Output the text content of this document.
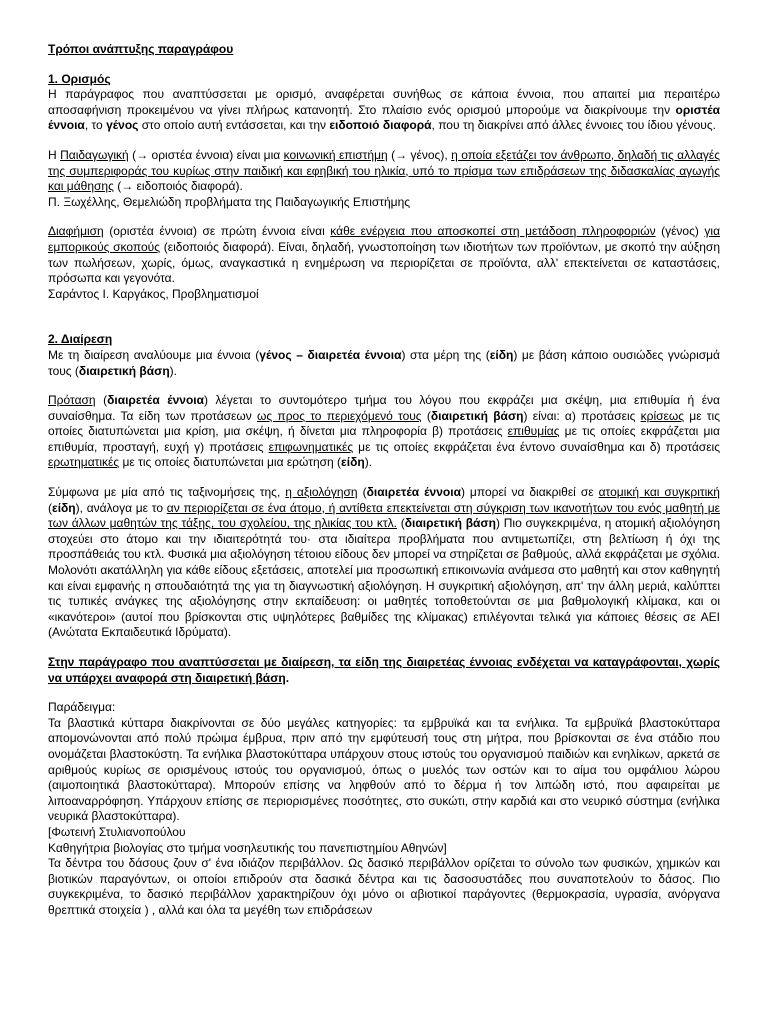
Τρόποι ανάπτυξης παραγράφου
1. Ορισμός

Η παράγραφος που αναπτύσσεται με ορισμό, αναφέρεται συνήθως σε κάποια έννοια, που απαιτεί μια περαιτέρω αποσαφήνιση προκειμένου να γίνει πλήρως κατανοητή. Στο πλαίσιο ενός ορισμού μπορούμε να διακρίνουμε την οριστέα έννοια, το γένος στο οποίο αυτή εντάσσεται, και την ειδοποιό διαφορά, που τη διακρίνει από άλλες έννοιες του ίδιου γένους.

Η Παιδαγωγική (→ οριστέα έννοια) είναι μια κοινωνική επιστήμη (→ γένος), η οποία εξετάζει τον άνθρωπο, δηλαδή τις αλλαγές της συμπεριφοράς του κυρίως στην παιδική και εφηβική του ηλικία, υπό το πρίσμα των επιδράσεων της διδασκαλίας αγωγής και μάθησης (→ ειδοποιός διαφορά).

Π. Ξωχέλλης, Θεμελιώδη προβλήματα της Παιδαγωγικής Επιστήμης

Διαφήμιση (οριστέα έννοια) σε πρώτη έννοια είναι κάθε ενέργεια που αποσκοπεί στη μετάδοση πληροφοριών (γένος) για εμπορικούς σκοπούς (ειδοποιός διαφορά). Είναι, δηλαδή, γνωστοποίηση των ιδιοτήτων των προϊόντων, με σκοπό την αύξηση των πωλήσεων, χωρίς, όμως, αναγκαστικά η ενημέρωση να περιορίζεται σε προϊόντα, αλλ' επεκτείνεται σε καταστάσεις, πρόσωπα και γεγονότα.

Σαράντος Ι. Καργάκος, Προβληματισμοί

2. Διαίρεση

Με τη διαίρεση αναλύουμε μια έννοια (γένος – διαιρετέα έννοια) στα μέρη της (είδη) με βάση κάποιο ουσιώδες γνώρισμά τους (διαιρετική βάση).

Πρόταση (διαιρετέα έννοια) λέγεται το συντομότερο τμήμα του λόγου που εκφράζει μια σκέψη, μια επιθυμία ή ένα συναίσθημα. Τα είδη των προτάσεων ως προς το περιεχόμενό τους (διαιρετική βάση) είναι: α) προτάσεις κρίσεως με τις οποίες διατυπώνεται μια κρίση, μια σκέψη, ή δίνεται μια πληροφορία β) προτάσεις επιθυμίας με τις οποίες εκφράζεται μια επιθυμία, προσταγή, ευχή γ) προτάσεις επιφωνηματικές με τις οποίες εκφράζεται ένα έντονο συναίσθημα και δ) προτάσεις ερωτηματικές με τις οποίες διατυπώνεται μια ερώτηση (είδη).

Σύμφωνα με μία από τις ταξινομήσεις της, η αξιολόγηση (διαιρετέα έννοια) μπορεί να διακριθεί σε ατομική και συγκριτική (είδη), ανάλογα με το αν περιορίζεται σε ένα άτομο, ή αντίθετα επεκτείνεται στη σύγκριση των ικανοτήτων του ενός μαθητή με των άλλων μαθητών της τάξης, του σχολείου, της ηλικίας του κτλ. (διαιρετική βάση) Πιο συγκεκριμένα, η ατομική αξιολόγηση στοχεύει στο άτομο και την ιδιαιτερότητά του· στα ιδιαίτερα προβλήματα που αντιμετωπίζει, στη βελτίωση ή όχι της προσπάθειάς του κτλ. Φυσικά μια αξιολόγηση τέτοιου είδους δεν μπορεί να στηρίζεται σε βαθμούς, αλλά εκφράζεται με σχόλια. Μολονότι ακατάλληλη για κάθε είδους εξετάσεις, αποτελεί μια προσωπική επικοινωνία ανάμεσα στο μαθητή και στον καθηγητή και είναι εμφανής η σπουδαιότητά της για τη διαγνωστική αξιολόγηση. Η συγκριτική αξιολόγηση, απ' την άλλη μεριά, καλύπτει τις τυπικές ανάγκες της αξιολόγησης στην εκπαίδευση: οι μαθητές τοποθετούνται σε μια βαθμολογική κλίμακα, και οι «ικανότεροι» (αυτοί που βρίσκονται στις υψηλότερες βαθμίδες της κλίμακας) επιλέγονται τελικά για κάποιες θέσεις σε ΑΕΙ (Ανώτατα Εκπαιδευτικά Ιδρύματα).

Στην παράγραφο που αναπτύσσεται με διαίρεση, τα είδη της διαιρετέας έννοιας ενδέχεται να καταγράφονται, χωρίς να υπάρχει αναφορά στη διαιρετική βάση.

Παράδειγμα:

Τα βλαστικά κύτταρα διακρίνονται σε δύο μεγάλες κατηγορίες: τα εμβρυϊκά και τα ενήλικα. Τα εμβρυϊκά βλαστοκύτταρα απομονώνονται από πολύ πρώιμα έμβρυα, πριν από την εμφύτευσή τους στη μήτρα, που βρίσκονται σε ένα στάδιο που ονομάζεται βλαστοκύστη. Τα ενήλικα βλαστοκύτταρα υπάρχουν στους ιστούς του οργανισμού παιδιών και ενηλίκων, αρκετά σε αριθμούς κυρίως σε ορισμένους ιστούς του οργανισμού, όπως ο μυελός των οστών και το αίμα του ομφάλιου λώρου (αιμοποιητικά βλαστοκύτταρα). Μπορούν επίσης να ληφθούν από το δέρμα ή τον λιπώδη ιστό, που αφαιρείται με λιποαναρρόφηση. Υπάρχουν επίσης σε περιορισμένες ποσότητες, στο συκώτι, στην καρδιά και στο νευρικό σύστημα (ενήλικα νευρικά βλαστοκύτταρα).

[Φωτεινή Στυλιανοπούλου

Καθηγήτρια βιολογίας στο τμήμα νοσηλευτικής του πανεπιστημίου Αθηνών]

Τα δέντρα του δάσους ζουν σ' ένα ιδιάζον περιβάλλον. Ως δασικό περιβάλλον ορίζεται το σύνολο των φυσικών, χημικών και βιοτικών παραγόντων, οι οποίοι επιδρούν στα δασικά δέντρα και τις δασοσυστάδες που συναποτελούν το δάσος. Πιο συγκεκριμένα, το δασικό περιβάλλον χαρακτηρίζουν όχι μόνο οι αβιοτικοί παράγοντες (θερμοκρασία, υγρασία, ανόργανα θρεπτικά στοιχεία ) , αλλά και όλα τα μεγέθη των επιδράσεων
